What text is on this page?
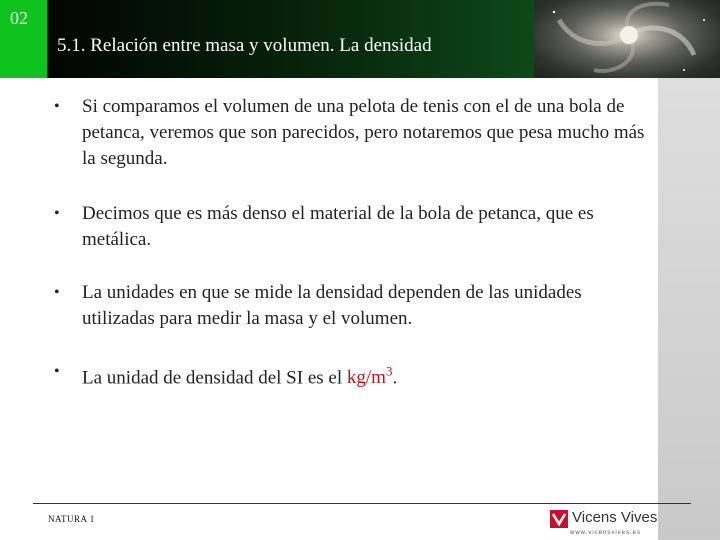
02
5.1. Relación entre masa y volumen. La densidad
• Si comparamos el volumen de una pelota de tenis con el de una bola de petanca, veremos que son parecidos, pero notaremos que pesa mucho más la segunda.
• Decimos que es más denso el material de la bola de petanca, que es metálica.
• La unidades en que se mide la densidad dependen de las unidades utilizadas para medir la masa y el volumen.
• La unidad de densidad del SI es el $kg/m^3$.
NATURA 1	Vicens Vives
www.vicensvives.es
